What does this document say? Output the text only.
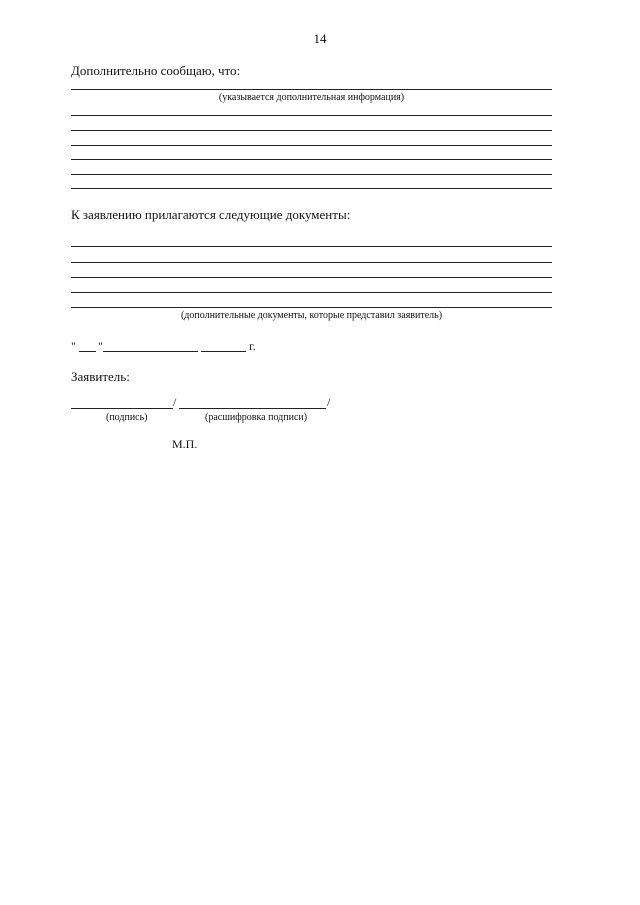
14
Дополнительно сообщаю, что:
(указывается дополнительная информация)
К заявлению прилагаются следующие документы:
(дополнительные документы, которые представил заявитель)
" "	г.
Заявитель:
/	/
(подпись)	(расшифровка подписи)
М.П.
